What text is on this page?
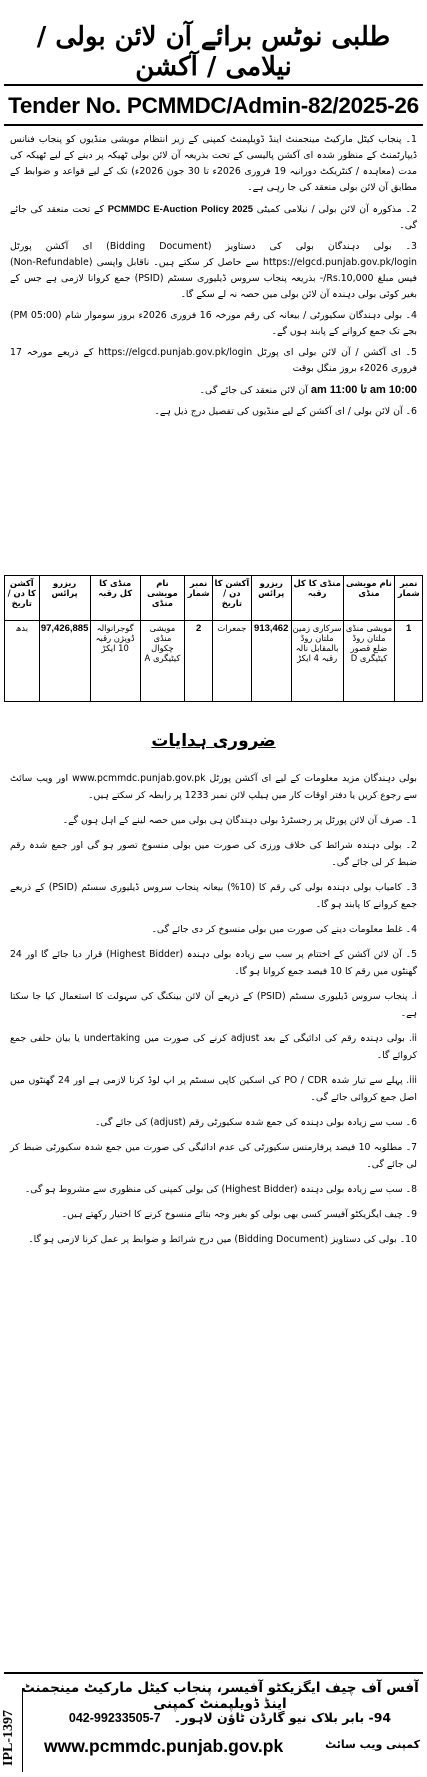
طلبی نوٹس برائے آن لائن بولی / نیلامی / آکشن
Tender No. PCMMDC/Admin-82/2025-26
1۔ پنجاب کیٹل مارکیٹ مینجمنٹ اینڈ ڈویلپمنٹ کمپنی کے زیر انتظام مویشی منڈیوں کو پنجاب فنانس ڈیپارٹمنٹ کے منظور شدہ ای آکشن پالیسی کے تحت بذریعہ آن لائن بولی ٹھیکہ پر دینے کے لیے ٹھیکہ کی مدت (معاہدہ / کنٹریکٹ دورانیہ 19 فروری 2026ء تا 30 جون 2026ء) تک کے لیے قواعد و ضوابط کے مطابق آن لائن بولی منعقد کی جا رہی ہے۔
2۔ مذکورہ آن لائن بولی / نیلامی کمیٹی PCMMDC E-Auction Policy 2025 کے تحت منعقد کی جائے گی۔
3۔ بولی دہندگان بولی کی دستاویز (Bidding Document) ای آکشن پورٹل https://elgcd.punjab.gov.pk/login سے حاصل کر سکتے ہیں۔ ناقابل واپسی (Non-Refundable) فیس مبلغ Rs.10,000/- بذریعہ پنجاب سروس ڈیلیوری سسٹم (PSID) جمع کروانا لازمی ہے جس کے بغیر کوئی بولی دہندہ آن لائن بولی میں حصہ نہ لے سکے گا۔
4۔ بولی دہندگان سکیورٹی / بیعانہ کی رقم مورخہ 16 فروری 2026ء بروز سوموار شام (05:00 PM) بجے تک جمع کروانے کے پابند ہوں گے۔
5۔ ای آکشن / آن لائن بولی ای پورٹل https://elgcd.punjab.gov.pk/login کے ذریعے مورخہ 17 فروری 2026ء بروز منگل بوقت
10:00 am تا 11:00 am آن لائن منعقد کی جائے گی۔
6۔ آن لائن بولی / ای آکشن کے لیے منڈیوں کی تفصیل درج ذیل ہے۔
نمبر شمار	نام مویشی منڈی	منڈی کا کل رقبہ	ریزرو پرائس	آکشن کا دن / تاریخ	نمبر شمار	نام مویشی منڈی	منڈی کا کل رقبہ	ریزرو پرائس	آکشن کا دن / تاریخ
1	مویشی منڈی ملتان روڈ ضلع قصور کیٹیگری D	سرکاری زمین ملتان روڈ بالمقابل نالہ رقبہ 4 ایکڑ	913,462	جمعرات	2	مویشی منڈی چکوال کیٹیگری A	گوجرانوالہ ڈویژن رقبہ 10 ایکڑ	97,426,885	بدھ
ضروری ہدایات
بولی دہندگان مزید معلومات کے لیے ای آکشن پورٹل www.pcmmdc.punjab.gov.pk اور ویب سائٹ سے رجوع کریں یا دفتر اوقات کار میں ہیلپ لائن نمبر 1233 پر رابطہ کر سکتے ہیں۔
1۔ صرف آن لائن پورٹل پر رجسٹرڈ بولی دہندگان ہی بولی میں حصہ لینے کے اہل ہوں گے۔
2۔ بولی دہندہ شرائط کی خلاف ورزی کی صورت میں بولی منسوخ تصور ہو گی اور جمع شدہ رقم ضبط کر لی جائے گی۔
3۔ کامیاب بولی دہندہ بولی کی رقم کا (10%) بیعانہ پنجاب سروس ڈیلیوری سسٹم (PSID) کے ذریعے جمع کروانے کا پابند ہو گا۔
4۔ غلط معلومات دینے کی صورت میں بولی منسوخ کر دی جائے گی۔
5۔ آن لائن آکشن کے اختتام پر سب سے زیادہ بولی دہندہ (Highest Bidder) قرار دیا جائے گا اور 24 گھنٹوں میں رقم کا 10 فیصد جمع کروانا ہو گا۔
i. پنجاب سروس ڈیلیوری سسٹم (PSID) کے ذریعے آن لائن بینکنگ کی سہولت کا استعمال کیا جا سکتا ہے۔
ii. بولی دہندہ رقم کی ادائیگی کے بعد adjust کرنے کی صورت میں undertaking یا بیان حلفی جمع کروائے گا۔
iii. پہلے سے تیار شدہ PO / CDR کی اسکین کاپی سسٹم پر اپ لوڈ کرنا لازمی ہے اور 24 گھنٹوں میں اصل جمع کروائی جائے گی۔
6۔ سب سے زیادہ بولی دہندہ کی جمع شدہ سکیورٹی رقم (adjust) کی جائے گی۔
7۔ مطلوبہ 10 فیصد پرفارمنس سکیورٹی کی عدم ادائیگی کی صورت میں جمع شدہ سکیورٹی ضبط کر لی جائے گی۔
8۔ سب سے زیادہ بولی دہندہ (Highest Bidder) کی بولی کمپنی کی منظوری سے مشروط ہو گی۔
9۔ چیف ایگزیکٹو آفیسر کسی بھی بولی کو بغیر وجہ بتائے منسوخ کرنے کا اختیار رکھتے ہیں۔
10۔ بولی کی دستاویز (Bidding Document) میں درج شرائط و ضوابط پر عمل کرنا لازمی ہو گا۔
آفس آف چیف ایگزیکٹو آفیسر، پنجاب کیٹل مارکیٹ مینجمنٹ اینڈ ڈویلپمنٹ کمپنی
042-99233505-7 94- بابر بلاک نیو گارڈن ٹاؤن لاہور۔
کمپنی ویب سائٹ
www.pcmmdc.punjab.gov.pk
IPL-1397
